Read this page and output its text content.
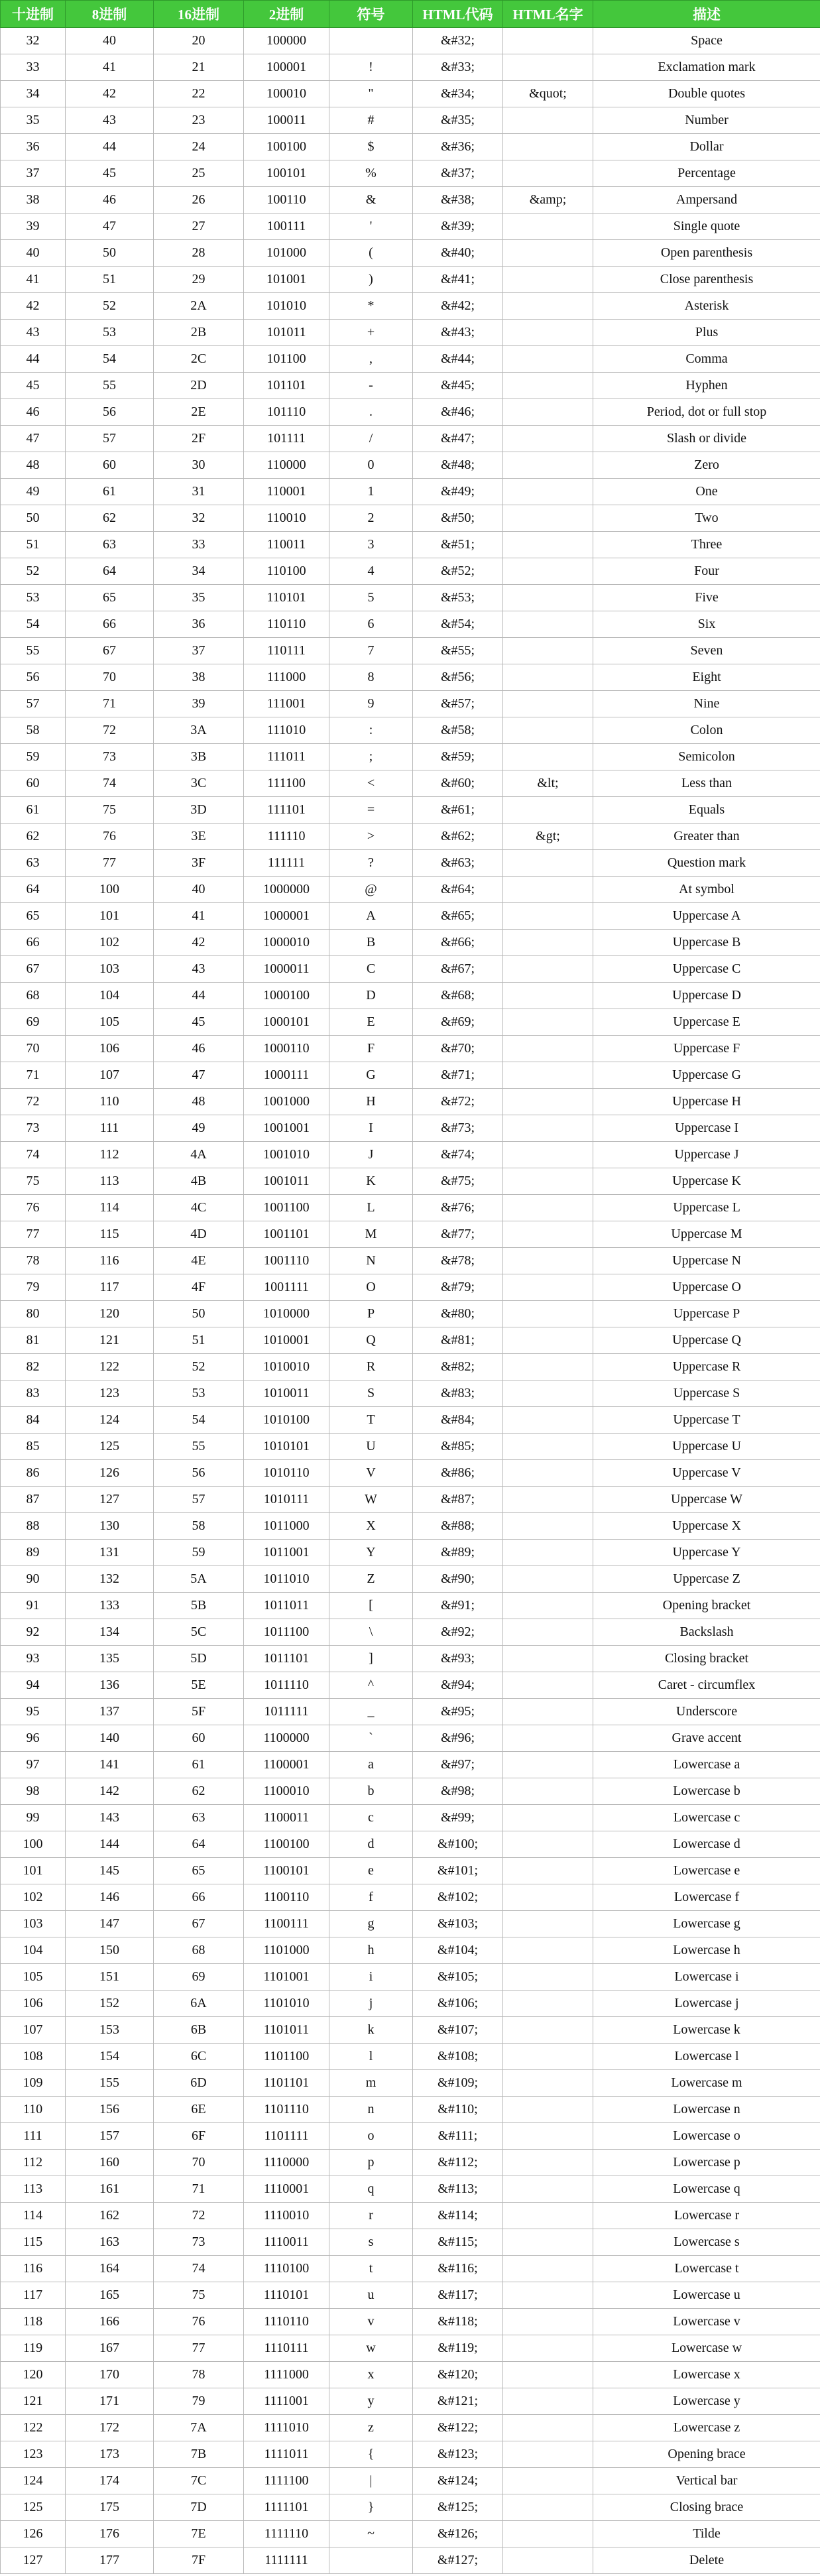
十进制	8进制	16进制	2进制	符号	HTML代码	HTML名字	描述
32	40	20	100000		&#32;		Space
33	41	21	100001	!	&#33;		Exclamation mark
34	42	22	100010	"	&#34;	&quot;	Double quotes
35	43	23	100011	#	&#35;		Number
36	44	24	100100	$	&#36;		Dollar
37	45	25	100101	%	&#37;		Percentage
38	46	26	100110	&	&#38;	&amp;	Ampersand
39	47	27	100111	'	&#39;		Single quote
40	50	28	101000	(	&#40;		Open parenthesis
41	51	29	101001	)	&#41;		Close parenthesis
42	52	2A	101010	*	&#42;		Asterisk
43	53	2B	101011	+	&#43;		Plus
44	54	2C	101100	,	&#44;		Comma
45	55	2D	101101	-	&#45;		Hyphen
46	56	2E	101110	.	&#46;		Period, dot or full stop
47	57	2F	101111	/	&#47;		Slash or divide
48	60	30	110000	0	&#48;		Zero
49	61	31	110001	1	&#49;		One
50	62	32	110010	2	&#50;		Two
51	63	33	110011	3	&#51;		Three
52	64	34	110100	4	&#52;		Four
53	65	35	110101	5	&#53;		Five
54	66	36	110110	6	&#54;		Six
55	67	37	110111	7	&#55;		Seven
56	70	38	111000	8	&#56;		Eight
57	71	39	111001	9	&#57;		Nine
58	72	3A	111010	:	&#58;		Colon
59	73	3B	111011	;	&#59;		Semicolon
60	74	3C	111100	<	&#60;	&lt;	Less than
61	75	3D	111101	=	&#61;		Equals
62	76	3E	111110	>	&#62;	&gt;	Greater than
63	77	3F	111111	?	&#63;		Question mark
64	100	40	1000000	@	&#64;		At symbol
65	101	41	1000001	A	&#65;		Uppercase A
66	102	42	1000010	B	&#66;		Uppercase B
67	103	43	1000011	C	&#67;		Uppercase C
68	104	44	1000100	D	&#68;		Uppercase D
69	105	45	1000101	E	&#69;		Uppercase E
70	106	46	1000110	F	&#70;		Uppercase F
71	107	47	1000111	G	&#71;		Uppercase G
72	110	48	1001000	H	&#72;		Uppercase H
73	111	49	1001001	I	&#73;		Uppercase I
74	112	4A	1001010	J	&#74;		Uppercase J
75	113	4B	1001011	K	&#75;		Uppercase K
76	114	4C	1001100	L	&#76;		Uppercase L
77	115	4D	1001101	M	&#77;		Uppercase M
78	116	4E	1001110	N	&#78;		Uppercase N
79	117	4F	1001111	O	&#79;		Uppercase O
80	120	50	1010000	P	&#80;		Uppercase P
81	121	51	1010001	Q	&#81;		Uppercase Q
82	122	52	1010010	R	&#82;		Uppercase R
83	123	53	1010011	S	&#83;		Uppercase S
84	124	54	1010100	T	&#84;		Uppercase T
85	125	55	1010101	U	&#85;		Uppercase U
86	126	56	1010110	V	&#86;		Uppercase V
87	127	57	1010111	W	&#87;		Uppercase W
88	130	58	1011000	X	&#88;		Uppercase X
89	131	59	1011001	Y	&#89;		Uppercase Y
90	132	5A	1011010	Z	&#90;		Uppercase Z
91	133	5B	1011011	[	&#91;		Opening bracket
92	134	5C	1011100	\	&#92;		Backslash
93	135	5D	1011101	]	&#93;		Closing bracket
94	136	5E	1011110	^	&#94;		Caret - circumflex
95	137	5F	1011111	_	&#95;		Underscore
96	140	60	1100000	`	&#96;		Grave accent
97	141	61	1100001	a	&#97;		Lowercase a
98	142	62	1100010	b	&#98;		Lowercase b
99	143	63	1100011	c	&#99;		Lowercase c
100	144	64	1100100	d	&#100;		Lowercase d
101	145	65	1100101	e	&#101;		Lowercase e
102	146	66	1100110	f	&#102;		Lowercase f
103	147	67	1100111	g	&#103;		Lowercase g
104	150	68	1101000	h	&#104;		Lowercase h
105	151	69	1101001	i	&#105;		Lowercase i
106	152	6A	1101010	j	&#106;		Lowercase j
107	153	6B	1101011	k	&#107;		Lowercase k
108	154	6C	1101100	l	&#108;		Lowercase l
109	155	6D	1101101	m	&#109;		Lowercase m
110	156	6E	1101110	n	&#110;		Lowercase n
111	157	6F	1101111	o	&#111;		Lowercase o
112	160	70	1110000	p	&#112;		Lowercase p
113	161	71	1110001	q	&#113;		Lowercase q
114	162	72	1110010	r	&#114;		Lowercase r
115	163	73	1110011	s	&#115;		Lowercase s
116	164	74	1110100	t	&#116;		Lowercase t
117	165	75	1110101	u	&#117;		Lowercase u
118	166	76	1110110	v	&#118;		Lowercase v
119	167	77	1110111	w	&#119;		Lowercase w
120	170	78	1111000	x	&#120;		Lowercase x
121	171	79	1111001	y	&#121;		Lowercase y
122	172	7A	1111010	z	&#122;		Lowercase z
123	173	7B	1111011	{	&#123;		Opening brace
124	174	7C	1111100	|	&#124;		Vertical bar
125	175	7D	1111101	}	&#125;		Closing brace
126	176	7E	1111110	~	&#126;		Tilde
127	177	7F	1111111		&#127;		Delete
